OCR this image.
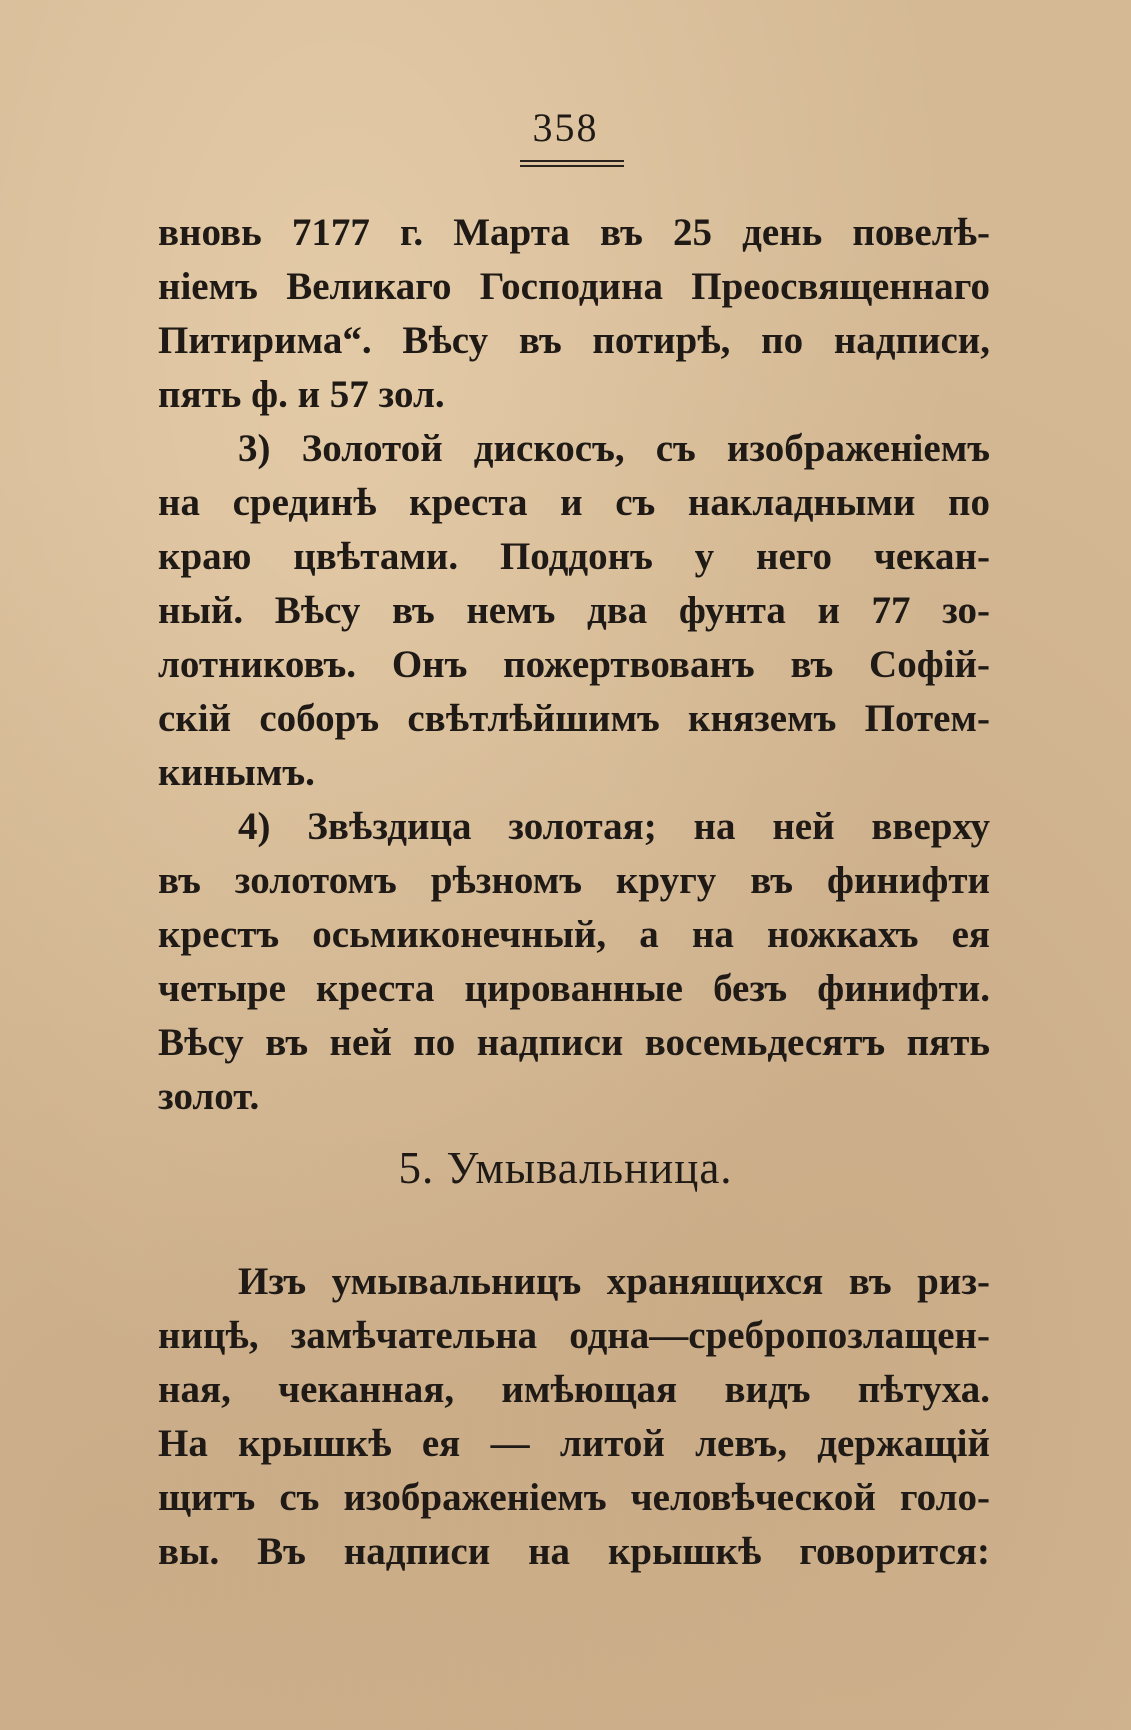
358
вновь 7177 г. Марта въ 25 день повелѣ-
нiемъ Великаго Господина Преосвященнаго
Питирима“. Вѣсу въ потирѣ, по надписи,
пять ф. и 57 зол.
3) Золотой дискосъ, съ изображенiемъ
на срединѣ креста и съ накладными по
краю цвѣтами. Поддонъ у него чекан-
ный. Вѣсу въ немъ два фунта и 77 зо-
лотниковъ. Онъ пожертвованъ въ Софiй-
скiй соборъ свѣтлѣйшимъ княземъ Потем-
кинымъ.
4) Звѣздица золотая; на ней вверху
въ золотомъ рѣзномъ кругу въ финифти
крестъ осьмиконечный, а на ножкахъ ея
четыре креста цированные безъ финифти.
Вѣсу въ ней по надписи восемьдесятъ пять
золот.
5. Умывальница.
Изъ умывальницъ хранящихся въ риз-
ницѣ, замѣчательна одна—сребропозлащен-
ная, чеканная, имѣющая видъ пѣтуха.
На крышкѣ ея — литой левъ, держащiй
щитъ съ изображенiемъ человѣческой голо-
вы. Въ надписи на крышкѣ говорится:
